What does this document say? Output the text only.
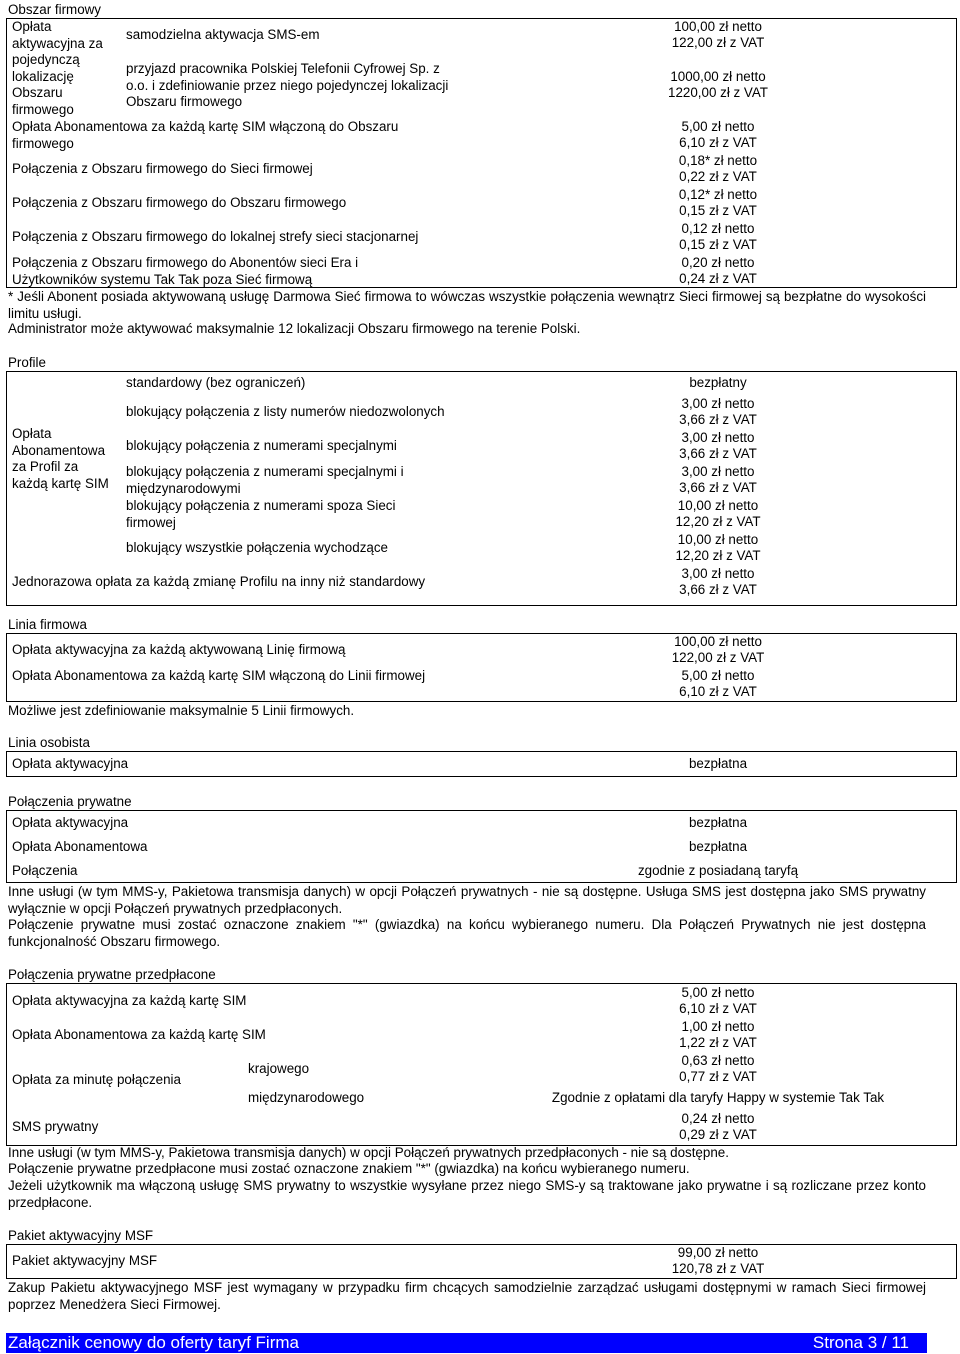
Obszar firmowy
Opłata aktywacyjna za pojedynczą lokalizację Obszaru firmowego
samodzielna aktywacja SMS-em
100,00 zł netto
122,00 zł z VAT
przyjazd pracownika Polskiej Telefonii Cyfrowej Sp. z o.o. i zdefiniowanie przez niego pojedynczej lokalizacji Obszaru firmowego
1000,00 zł netto
1220,00 zł z VAT
Opłata Abonamentowa za każdą kartę SIM włączoną do Obszaru firmowego
5,00 zł netto
6,10 zł z VAT
Połączenia z Obszaru firmowego do Sieci firmowej
0,18* zł netto
0,22 zł z VAT
Połączenia z Obszaru firmowego do Obszaru firmowego
0,12* zł netto
0,15 zł z VAT
Połączenia z Obszaru firmowego do lokalnej strefy sieci stacjonarnej
0,12 zł netto
0,15 zł z VAT
Połączenia z Obszaru firmowego do Abonentów sieci Era i Użytkowników systemu Tak Tak poza Sieć firmową
0,20 zł netto
0,24 zł z VAT
* Jeśli Abonent posiada aktywowaną usługę Darmowa Sieć firmowa to wówczas wszystkie połączenia wewnątrz Sieci firmowej są bezpłatne do wysokości limitu usługi.
Administrator może aktywować maksymalnie 12 lokalizacji Obszaru firmowego na terenie Polski.
Profile
Opłata Abonamentowa za Profil za każdą kartę SIM
standardowy (bez ograniczeń)	bezpłatny
blokujący połączenia z listy numerów niedozwolonych
3,00 zł netto
3,66 zł z VAT
blokujący połączenia z numerami specjalnymi
3,00 zł netto
3,66 zł z VAT
blokujący połączenia z numerami specjalnymi i międzynarodowymi
3,00 zł netto
3,66 zł z VAT
blokujący połączenia z numerami spoza Sieci firmowej
10,00 zł netto
12,20 zł z VAT
blokujący wszystkie połączenia wychodzące
10,00 zł netto
12,20 zł z VAT
Jednorazowa opłata za każdą zmianę Profilu na inny niż standardowy
3,00 zł netto
3,66 zł z VAT
Linia firmowa
Opłata aktywacyjna za każdą aktywowaną Linię firmową
100,00 zł netto
122,00 zł z VAT
Opłata Abonamentowa za każdą kartę SIM włączoną do Linii firmowej	5,00 zł netto
6,10 zł z VAT
Możliwe jest zdefiniowanie maksymalnie 5 Linii firmowych.
Linia osobista
Opłata aktywacyjna	bezpłatna
Połączenia prywatne
Opłata aktywacyjna	bezpłatna
Opłata Abonamentowa	bezpłatna
Połączenia	zgodnie z posiadaną taryfą
Inne usługi (w tym MMS-y, Pakietowa transmisja danych) w opcji Połączeń prywatnych - nie są dostępne. Usługa SMS jest dostępna jako SMS prywatny wyłącznie w opcji Połączeń prywatnych przedpłaconych.
Połączenie prywatne musi zostać oznaczone znakiem "*" (gwiazdka) na końcu wybieranego numeru. Dla Połączeń Prywatnych nie jest dostępna funkcjonalność Obszaru firmowego.
Połączenia prywatne przedpłacone
Opłata aktywacyjna za każdą kartę SIM
5,00 zł netto
6,10 zł z VAT
Opłata Abonamentowa za każdą kartę SIM
1,00 zł netto
1,22 zł z VAT
Opłata za minutę połączenia
krajowego
0,63 zł netto
0,77 zł z VAT
międzynarodowego	Zgodnie z opłatami dla taryfy Happy w systemie Tak Tak
SMS prywatny
0,24 zł netto
0,29 zł z VAT
Inne usługi (w tym MMS-y, Pakietowa transmisja danych) w opcji Połączeń prywatnych przedpłaconych - nie są dostępne.
Połączenie prywatne przedpłacone musi zostać oznaczone znakiem "*" (gwiazdka) na końcu wybieranego numeru.
Jeżeli użytkownik ma włączoną usługę SMS prywatny to wszystkie wysyłane przez niego SMS-y są traktowane jako prywatne i są rozliczane przez konto przedpłacone.
Pakiet aktywacyjny MSF
Pakiet aktywacyjny MSF
99,00 zł netto
120,78 zł z VAT
Zakup Pakietu aktywacyjnego MSF jest wymagany w przypadku firm chcących samodzielnie zarządzać usługami dostępnymi w ramach Sieci firmowej poprzez Menedżera Sieci Firmowej.
Załącznik cenowy do oferty taryf Firma	Strona 3 / 11
